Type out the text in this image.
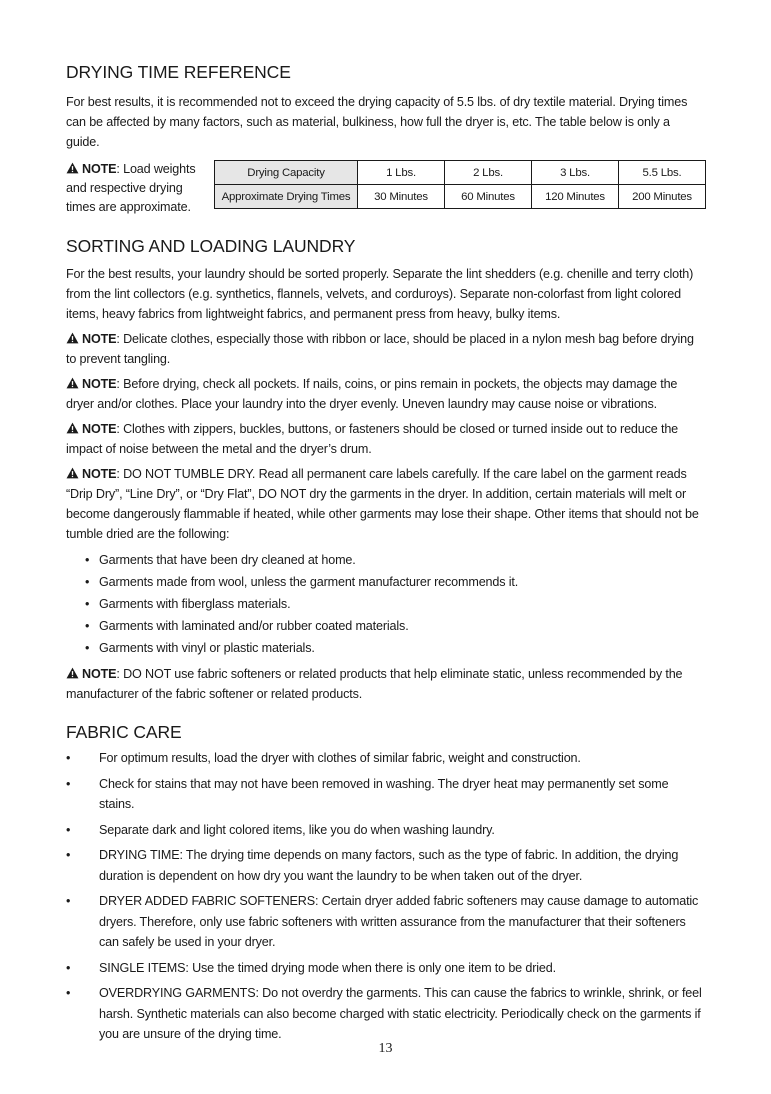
DRYING TIME REFERENCE

For best results, it is recommended not to exceed the drying capacity of 5.5 lbs. of dry textile material. Drying times can be affected by many factors, such as material, bulkiness, how full the dryer is, etc. The table below is only a guide.

NOTE: Load weights and respective drying times are approximate.
Drying Capacity	1 Lbs.	2 Lbs.	3 Lbs.	5.5 Lbs.
Approximate Drying Times	30 Minutes	60 Minutes	120 Minutes	200 Minutes
SORTING AND LOADING LAUNDRY

For the best results, your laundry should be sorted properly. Separate the lint shedders (e.g. chenille and terry cloth) from the lint collectors (e.g. synthetics, flannels, velvets, and corduroys). Separate non-colorfast from light colored items, heavy fabrics from lightweight fabrics, and permanent press from heavy, bulky items.

NOTE: Delicate clothes, especially those with ribbon or lace, should be placed in a nylon mesh bag before drying to prevent tangling.

NOTE: Before drying, check all pockets. If nails, coins, or pins remain in pockets, the objects may damage the dryer and/or clothes. Place your laundry into the dryer evenly. Uneven laundry may cause noise or vibrations.

NOTE: Clothes with zippers, buckles, buttons, or fasteners should be closed or turned inside out to reduce the impact of noise between the metal and the dryer’s drum.

NOTE: DO NOT TUMBLE DRY. Read all permanent care labels carefully. If the care label on the garment reads “Drip Dry”, “Line Dry”, or “Dry Flat”, DO NOT dry the garments in the dryer. In addition, certain materials will melt or become dangerously flammable if heated, while other garments may lose their shape. Other items that should not be tumble dried are the following:

• Garments that have been dry cleaned at home.
• Garments made from wool, unless the garment manufacturer recommends it.
• Garments with fiberglass materials.
• Garments with laminated and/or rubber coated materials.
• Garments with vinyl or plastic materials.

NOTE: DO NOT use fabric softeners or related products that help eliminate static, unless recommended by the manufacturer of the fabric softener or related products.

FABRIC CARE
• For optimum results, load the dryer with clothes of similar fabric, weight and construction.
• Check for stains that may not have been removed in washing. The dryer heat may permanently set some stains.
• Separate dark and light colored items, like you do when washing laundry.
• DRYING TIME: The drying time depends on many factors, such as the type of fabric. In addition, the drying duration is dependent on how dry you want the laundry to be when taken out of the dryer.
• DRYER ADDED FABRIC SOFTENERS: Certain dryer added fabric softeners may cause damage to automatic dryers. Therefore, only use fabric softeners with written assurance from the manufacturer that their softeners can safely be used in your dryer.
• SINGLE ITEMS: Use the timed drying mode when there is only one item to be dried.
• OVERDRYING GARMENTS: Do not overdry the garments. This can cause the fabrics to wrinkle, shrink, or feel harsh. Synthetic materials can also become charged with static electricity. Periodically check on the garments if you are unsure of the drying time.
13
